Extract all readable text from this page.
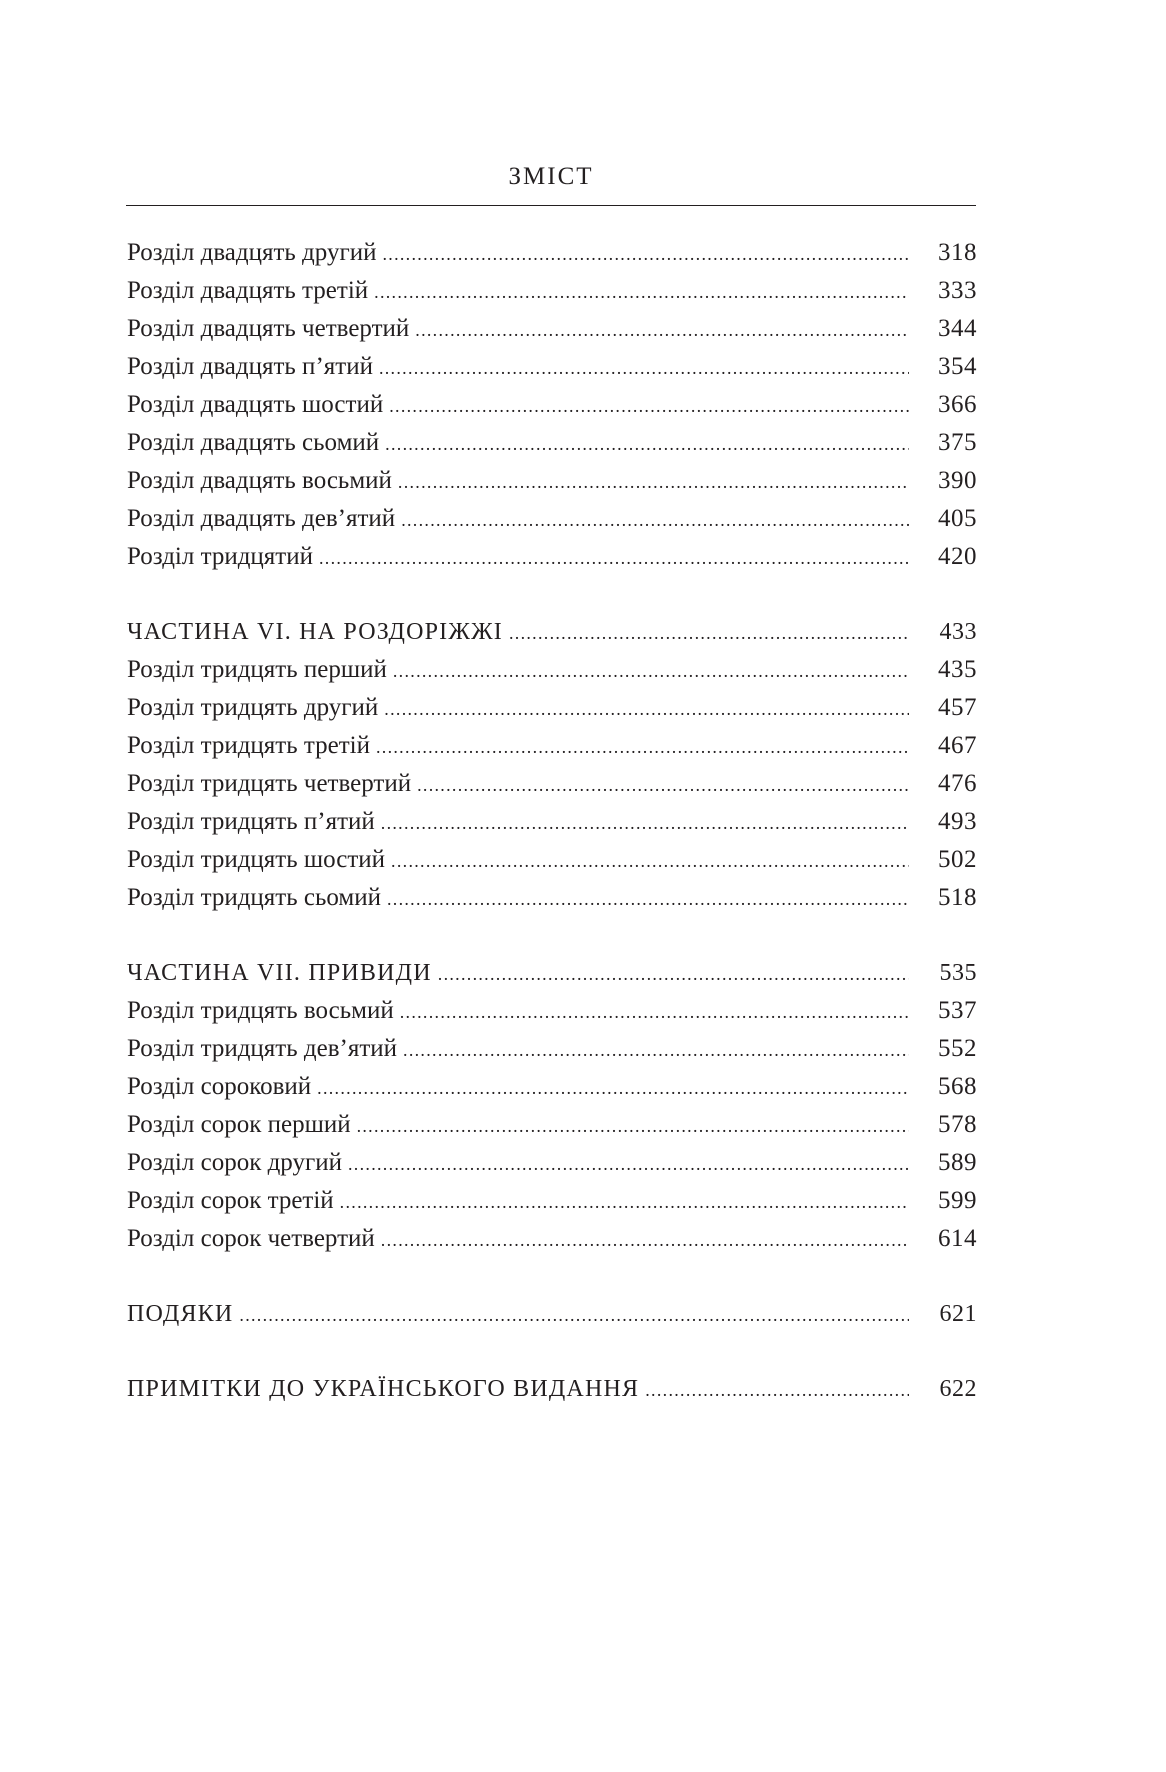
ЗМІСТ
Розділ двадцять другий . . .	318
Розділ двадцять третій . . .	333
Розділ двадцять четвертий . . .	344
Розділ двадцять п’ятий . . .	354
Розділ двадцять шостий . . .	366
Розділ двадцять сьомий . . .	375
Розділ двадцять восьмий . . .	390
Розділ двадцять дев’ятий . . .	405
Розділ тридцятий . . .	420
ЧАСТИНА VI. НА РОЗДОРІЖЖІ . . .	433
Розділ тридцять перший . . .	435
Розділ тридцять другий . . .	457
Розділ тридцять третій . . .	467
Розділ тридцять четвертий . . .	476
Розділ тридцять п’ятий . . .	493
Розділ тридцять шостий . . .	502
Розділ тридцять сьомий . . .	518
ЧАСТИНА VII. ПРИВИДИ . . .	535
Розділ тридцять восьмий . . .	537
Розділ тридцять дев’ятий . . .	552
Розділ сороковий . . .	568
Розділ сорок перший . . .	578
Розділ сорок другий . . .	589
Розділ сорок третій . . .	599
Розділ сорок четвертий . . .	614
ПОДЯКИ . . .	621
ПРИМІТКИ ДО УКРАЇНСЬКОГО ВИДАННЯ . . .	622
